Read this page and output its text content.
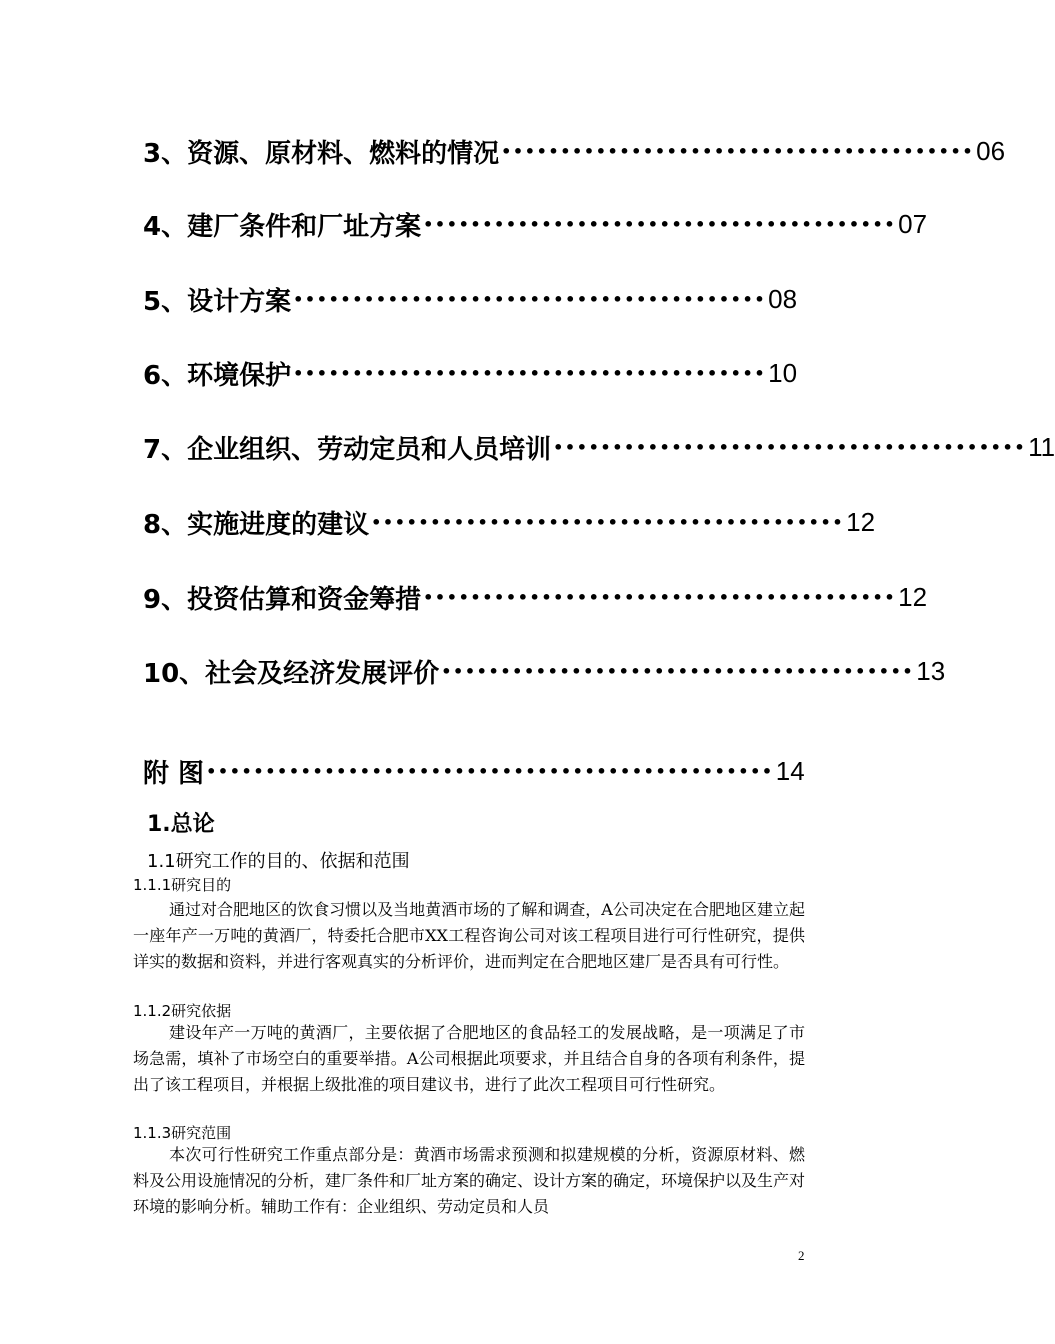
3、资源、原材料、燃料的情况 •••••••••••••••••••••••••••••••••••••••• 06
4、建厂条件和厂址方案 •••••••••••••••••••••••••••••••••••••••• 07
5、设计方案 •••••••••••••••••••••••••••••••••••••••• 08
6、环境保护 •••••••••••••••••••••••••••••••••••••••• 10
7、企业组织、劳动定员和人员培训 •••••••••••••••••••••••••••••••••••••••• 11
8、实施进度的建议 •••••••••••••••••••••••••••••••••••••••• 12
9、投资估算和资金筹措 •••••••••••••••••••••••••••••••••••••••• 12
10、社会及经济发展评价 •••••••••••••••••••••••••••••••••••••••• 13
附 图 •••••••••••••••••••••••••••••••••••••••••••••••• 14
1.总论
1.1研究工作的目的、依据和范围
1.1.1研究目的

通过对合肥地区的饮食习惯以及当地黄酒市场的了解和调查，A公司决定在合肥地区建立起一座年产一万吨的黄酒厂，特委托合肥市XX工程咨询公司对该工程项目进行可行性研究，提供详实的数据和资料，并进行客观真实的分析评价，进而判定在合肥地区建厂是否具有可行性。

1.1.2研究依据

建设年产一万吨的黄酒厂，主要依据了合肥地区的食品轻工的发展战略，是一项满足了市场急需，填补了市场空白的重要举措。A公司根据此项要求，并且结合自身的各项有利条件，提出了该工程项目，并根据上级批准的项目建议书，进行了此次工程项目可行性研究。

1.1.3研究范围

本次可行性研究工作重点部分是：黄酒市场需求预测和拟建规模的分析，资源原材料、燃料及公用设施情况的分析，建厂条件和厂址方案的确定、设计方案的确定，环境保护以及生产对环境的影响分析。辅助工作有：企业组织、劳动定员和人员

2
